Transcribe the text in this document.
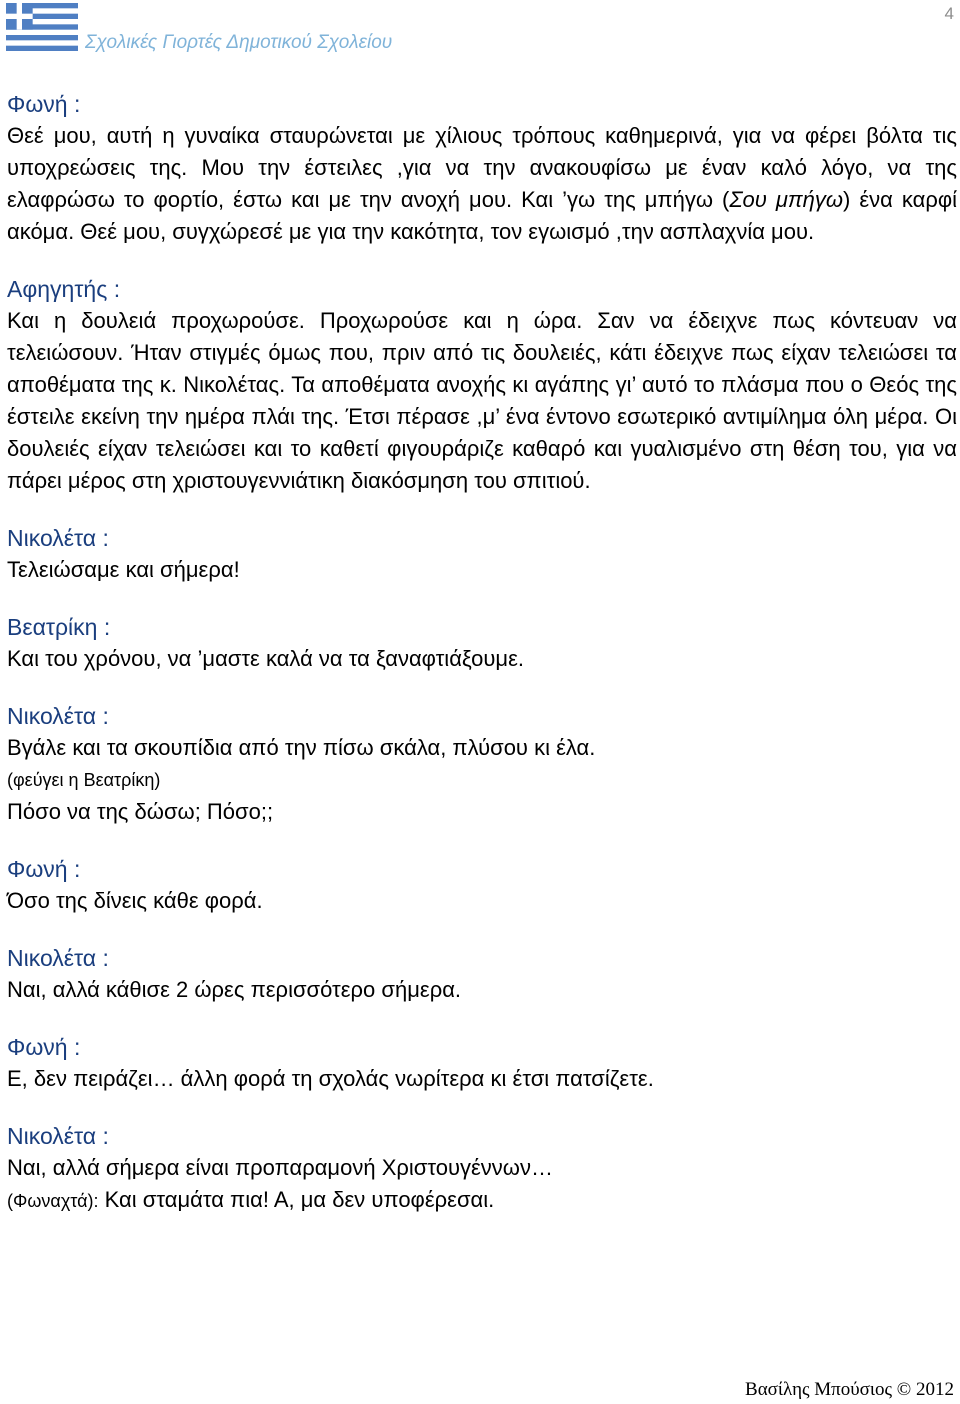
Σχολικές Γιορτές Δημοτικού Σχολείου
4
Φωνή :

Θεέ μου, αυτή η γυναίκα σταυρώνεται με χίλιους τρόπους καθημερινά, για να φέρει βόλτα τις υποχρεώσεις της. Μου την έστειλες ,για να την ανακουφίσω με έναν καλό λόγο, να της ελαφρώσω το φορτίο, έστω και με την ανοχή μου. Και ’γω της μπήγω (Σου μπήγω) ένα καρφί ακόμα. Θεέ μου, συγχώρεσέ με για την κακότητα, τον εγωισμό ,την ασπλαχνία μου.

Αφηγητής :

Και η δουλειά προχωρούσε. Προχωρούσε και η ώρα. Σαν να έδειχνε πως κόντευαν να τελειώσουν. Ήταν στιγμές όμως που, πριν από τις δουλειές, κάτι έδειχνε πως είχαν τελειώσει τα αποθέματα της κ. Νικολέτας. Τα αποθέματα ανοχής κι αγάπης γι’ αυτό το πλάσμα που ο Θεός της έστειλε εκείνη την ημέρα πλάι της. Έτσι πέρασε ,μ’ ένα έντονο εσωτερικό αντιμίλημα όλη μέρα. Οι δουλειές είχαν τελειώσει και το καθετί φιγουράριζε καθαρό και γυαλισμένο στη θέση του, για να πάρει μέρος στη χριστουγεννιάτικη διακόσμηση του σπιτιού.

Νικολέτα :

Τελειώσαμε και σήμερα!

Βεατρίκη :

Και του χρόνου, να ’μαστε καλά να τα ξαναφτιάξουμε.

Νικολέτα :

Βγάλε και τα σκουπίδια από την πίσω σκάλα, πλύσου κι έλα.

(φεύγει η Βεατρίκη)

Πόσο να της δώσω; Πόσο;;

Φωνή :

Όσο της δίνεις κάθε φορά.

Νικολέτα :

Ναι, αλλά κάθισε 2 ώρες περισσότερο σήμερα.

Φωνή :

Ε, δεν πειράζει… άλλη φορά τη σχολάς νωρίτερα κι έτσι πατσίζετε.

Νικολέτα :

Ναι, αλλά σήμερα είναι προπαραμονή Χριστουγέννων…

(Φωναχτά): Και σταμάτα πια! Α, μα δεν υποφέρεσαι.

Βασίλης Μπούσιος © 2012
